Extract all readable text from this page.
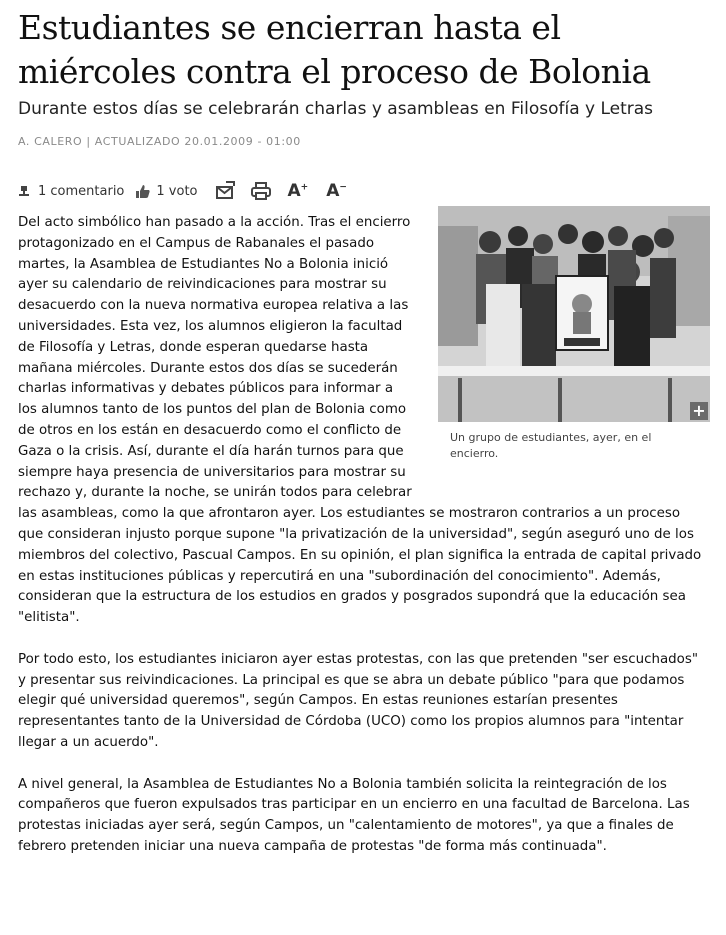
Estudiantes se encierran hasta el miércoles contra el proceso de Bolonia
Durante estos días se celebrarán charlas y asambleas en Filosofía y Letras
A. CALERO | ACTUALIZADO 20.01.2009 - 01:00
1 comentario 1 voto	A+ A−
+
Un grupo de estudiantes, ayer, en el encierro.

Del acto simbólico han pasado a la acción. Tras el encierro protagonizado en el Campus de Rabanales el pasado martes, la Asamblea de Estudiantes No a Bolonia inició ayer su calendario de reivindicaciones para mostrar su desacuerdo con la nueva normativa europea relativa a las universidades. Esta vez, los alumnos eligieron la facultad de Filosofía y Letras, donde esperan quedarse hasta mañana miércoles. Durante estos dos días se sucederán charlas informativas y debates públicos para informar a los alumnos tanto de los puntos del plan de Bolonia como de otros en los están en desacuerdo como el conflicto de Gaza o la crisis. Así, durante el día harán turnos para que siempre haya presencia de universitarios para mostrar su rechazo y, durante la noche, se unirán todos para celebrar las asambleas, como la que afrontaron ayer. Los estudiantes se mostraron contrarios a un proceso que consideran injusto porque supone "la privatización de la universidad", según aseguró uno de los miembros del colectivo, Pascual Campos. En su opinión, el plan significa la entrada de capital privado en estas instituciones públicas y repercutirá en una "subordinación del conocimiento". Además, consideran que la estructura de los estudios en grados y posgrados supondrá que la educación sea "elitista".

Por todo esto, los estudiantes iniciaron ayer estas protestas, con las que pretenden "ser escuchados" y presentar sus reivindicaciones. La principal es que se abra un debate público "para que podamos elegir qué universidad queremos", según Campos. En estas reuniones estarían presentes representantes tanto de la Universidad de Córdoba (UCO) como los propios alumnos para "intentar llegar a un acuerdo".

A nivel general, la Asamblea de Estudiantes No a Bolonia también solicita la reintegración de los compañeros que fueron expulsados tras participar en un encierro en una facultad de Barcelona. Las protestas iniciadas ayer será, según Campos, un "calentamiento de motores", ya que a finales de febrero pretenden iniciar una nueva campaña de protestas "de forma más continuada".
